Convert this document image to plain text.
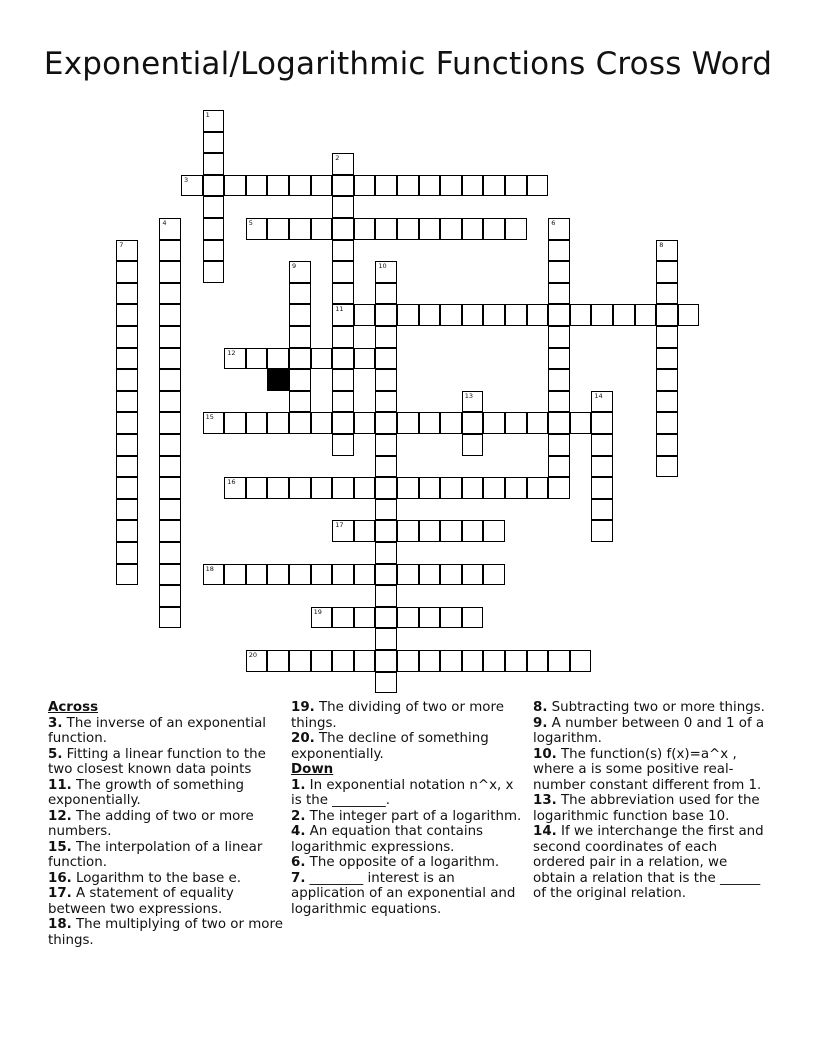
Exponential/Logarithmic Functions Cross Word
3
5
11
12
15
16
17
18
19
20
1
2
4	6
7	8
9	10
13	14
Across
3. The inverse of an exponential function.
5. Fitting a linear function to the two closest known data points
11. The growth of something exponentially.
12. The adding of two or more numbers.
15. The interpolation of a linear function.
16. Logarithm to the base e.
17. A statement of equality between two expressions.
18. The multiplying of two or more things.
19. The dividing of two or more things.
20. The decline of something exponentially.
Down
1. In exponential notation n^x, x is the ________.
2. The integer part of a logarithm.
4. An equation that contains logarithmic expressions.
6. The opposite of a logarithm.
7. ________ interest is an application of an exponential and logarithmic equations.
8. Subtracting two or more things.
9. A number between 0 and 1 of a logarithm.
10. The function(s) f(x)=a^x , where a is some positive real-number constant different from 1.
13. The abbreviation used for the logarithmic function base 10.
14. If we interchange the first and second coordinates of each ordered pair in a relation, we obtain a relation that is the ______ of the original relation.
